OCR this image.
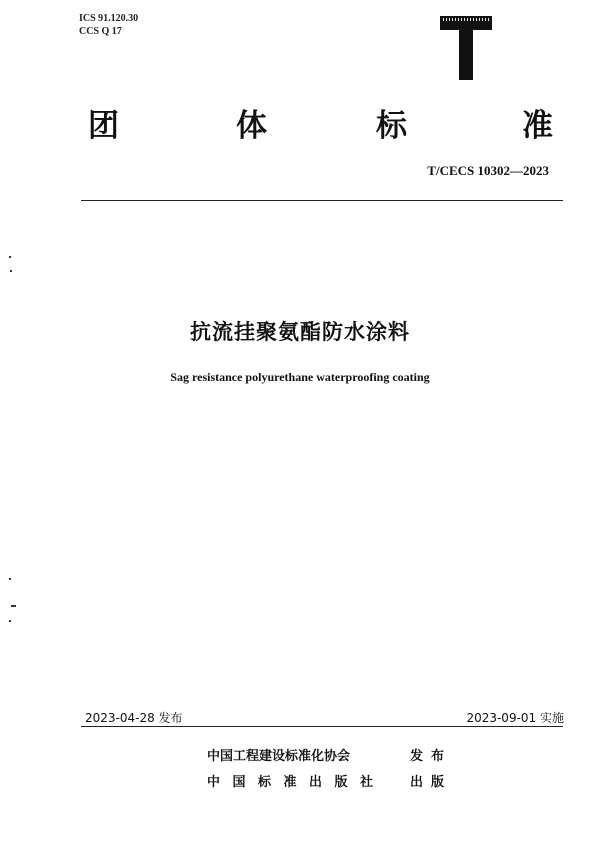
ICS 91.120.30
CCS Q 17
团	体	标	准
T/CECS 10302—2023
抗流挂聚氨酯防水涂料
Sag resistance polyurethane waterproofing coating
2023-04-28 发布	2023-09-01 实施
中国工程建设标准化协会	发布
中国标准出版社 出版
